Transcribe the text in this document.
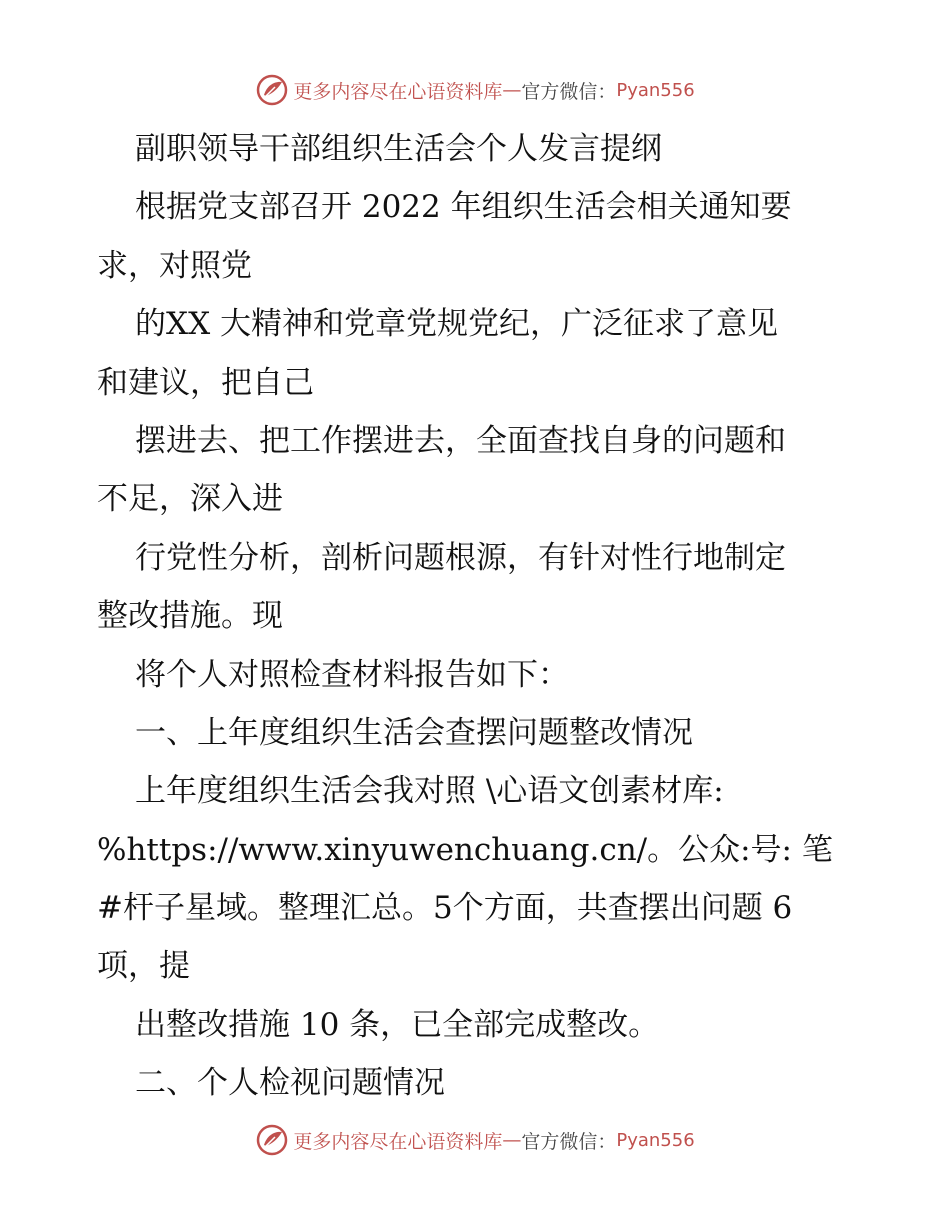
更多内容尽在心语资料库 — 官方微信： Pyan556
副职领导干部组织生活会个人发言提纲
根据党支部召开 2022 年组织生活会相关通知要
求，对照党
的XX 大精神和党章党规党纪，广泛征求了意见
和建议，把自己
摆进去、把工作摆进去，全面查找自身的问题和
不足，深入进
行党性分析，剖析问题根源，有针对性行地制定
整改措施。现
将个人对照检查材料报告如下：
一、上年度组织生活会查摆问题整改情况
上年度组织生活会我对照 \心语文创素材库:
%https://www.xinyuwenchuang.cn/。公众:号: 笔
#杆子星域。整理汇总。5个方面，共查摆出问题 6
项，提
出整改措施 10 条，已全部完成整改。
二、个人检视问题情况
更多内容尽在心语资料库 — 官方微信： Pyan556
